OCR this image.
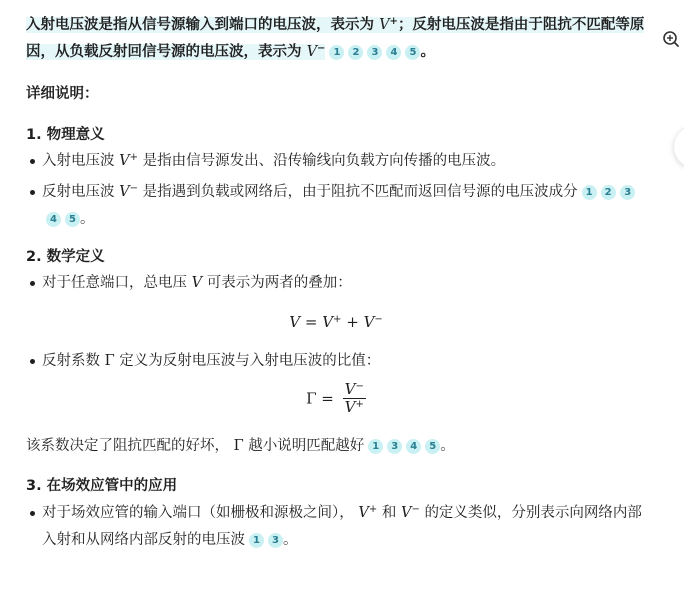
入射电压波是指从信号源输入到端口的电压波，表示为 V+；反射电压波是指由于阻抗不匹配等原因，从负载反射回信号源的电压波，表示为 V− 1 2 3 4 5 。
详细说明：
1. 物理意义
入射电压波 V+ 是指由信号源发出、沿传输线向负载方向传播的电压波。
反射电压波 V− 是指遇到负载或网络后，由于阻抗不匹配而返回信号源的电压波成分 1 2 34 5 。
2. 数学定义
对于任意端口，总电压 V 可表示为两者的叠加：
V = V+ + V−
反射系数 Γ 定义为反射电压波与入射电压波的比值：
$\Gamma = \frac{V^-}{V^+}$
该系数决定了阻抗匹配的好坏， Γ 越小说明匹配越好 1 3 4 5 。
3. 在场效应管中的应用
对于场效应管的输入端口（如栅极和源极之间）， V+ 和 V− 的定义类似，分别表示向网络内部入射和从网络内部反射的电压波 1 3 。
